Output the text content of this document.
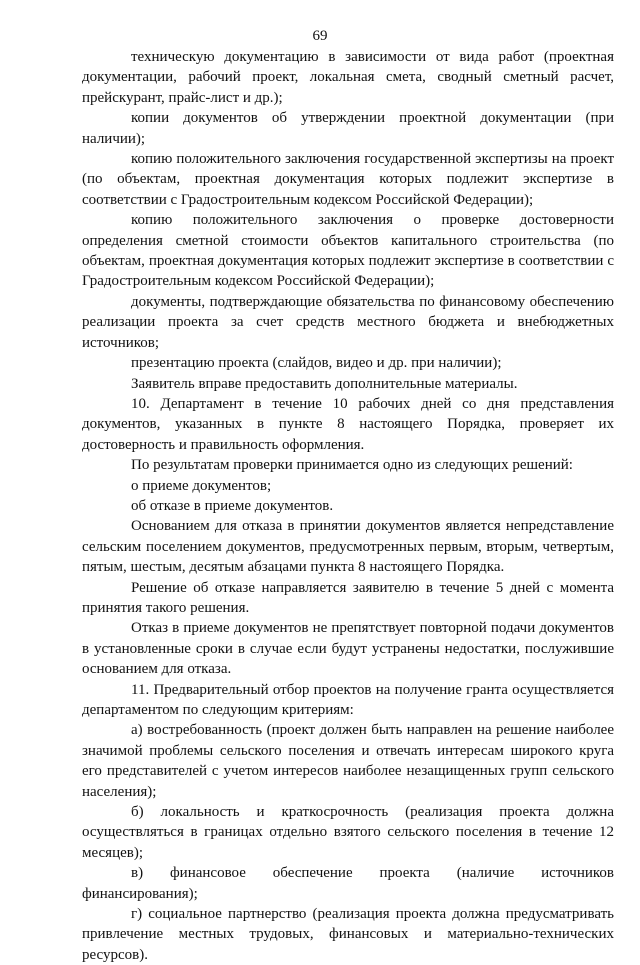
69

техническую документацию в зависимости от вида работ (проектная документации, рабочий проект, локальная смета, сводный сметный расчет, прейскурант, прайс-лист и др.);

копии документов об утверждении проектной документации (при наличии);

копию положительного заключения государственной экспертизы на проект (по объектам, проектная документация которых подлежит экспертизе в соответствии с Градостроительным кодексом Российской Федерации);

копию положительного заключения о проверке достоверности определения сметной стоимости объектов капитального строительства (по объектам, проектная документация которых подлежит экспертизе в соответствии с Градостроительным кодексом Российской Федерации);

документы, подтверждающие обязательства по финансовому обеспечению реализации проекта за счет средств местного бюджета и внебюджетных источников;

презентацию проекта (слайдов, видео и др. при наличии);

Заявитель вправе предоставить дополнительные материалы.

10. Департамент в течение 10 рабочих дней со дня представления документов, указанных в пункте 8 настоящего Порядка, проверяет их достоверность и правильность оформления.

По результатам проверки принимается одно из следующих решений:

о приеме документов;

об отказе в приеме документов.

Основанием для отказа в принятии документов является непредставление сельским поселением документов, предусмотренных первым, вторым, четвертым, пятым, шестым, десятым абзацами пункта 8 настоящего Порядка.

Решение об отказе направляется заявителю в течение 5 дней с момента принятия такого решения.

Отказ в приеме документов не препятствует повторной подачи документов в установленные сроки в случае если будут устранены недостатки, послужившие основанием для отказа.

11. Предварительный отбор проектов на получение гранта осуществляется департаментом по следующим критериям:

а) востребованность (проект должен быть направлен на решение наиболее значимой проблемы сельского поселения и отвечать интересам широкого круга его представителей с учетом интересов наиболее незащищенных групп сельского населения);

б) локальность и краткосрочность (реализация проекта должна осуществляться в границах отдельно взятого сельского поселения в течение 12 месяцев);

в) финансовое обеспечение проекта (наличие источников финансирования);

г) социальное партнерство (реализация проекта должна предусматривать привлечение местных трудовых, финансовых и материально-технических ресурсов).
